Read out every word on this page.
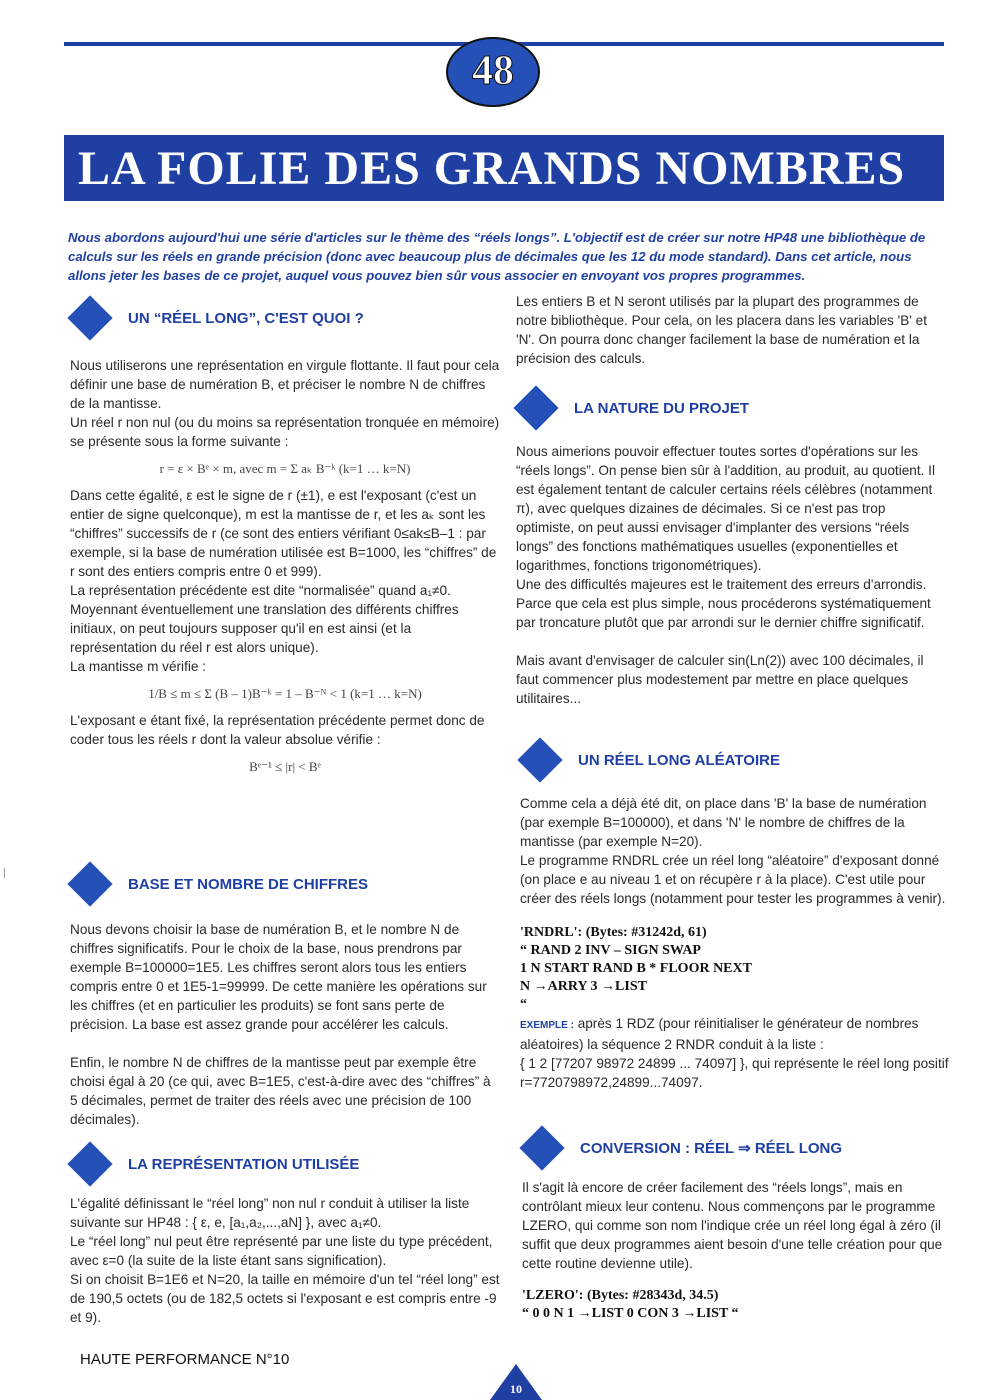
48
LA FOLIE DES GRANDS NOMBRES
Nous abordons aujourd'hui une série d'articles sur le thème des “réels longs”. L'objectif est de créer sur notre HP48 une bibliothèque de calculs sur les réels en grande précision (donc avec beaucoup plus de décimales que les 12 du mode standard). Dans cet article, nous allons jeter les bases de ce projet, auquel vous pouvez bien sûr vous associer en envoyant vos propres programmes.
UN “RÉEL LONG”, C'EST QUOI ?

Nous utiliserons une représentation en virgule flottante. Il faut pour cela définir une base de numération B, et préciser le nombre N de chiffres de la mantisse.

Un réel r non nul (ou du moins sa représentation tronquée en mémoire) se présente sous la forme suivante :

r = ε × Bᵉ × m, avec m = Σ aₖ B⁻ᵏ (k=1 … k=N)

Dans cette égalité, ε est le signe de r (±1), e est l'exposant (c'est un entier de signe quelconque), m est la mantisse de r, et les aₖ sont les “chiffres” successifs de r (ce sont des entiers vérifiant 0≤ak≤B–1 : par exemple, si la base de numération utilisée est B=1000, les “chiffres” de r sont des entiers compris entre 0 et 999).

La représentation précédente est dite “normalisée” quand a₁≠0. Moyennant éventuellement une translation des différents chiffres initiaux, on peut toujours supposer qu'il en est ainsi (et la représentation du réel r est alors unique).

La mantisse m vérifie :

1/B ≤ m ≤ Σ (B – 1)B⁻ᵏ = 1 – B⁻ᴺ < 1 (k=1 … k=N)

L'exposant e étant fixé, la représentation précédente permet donc de coder tous les réels r dont la valeur absolue vérifie :

Bᵉ⁻¹ ≤ |r| < Bᵉ
BASE ET NOMBRE DE CHIFFRES

Nous devons choisir la base de numération B, et le nombre N de chiffres significatifs. Pour le choix de la base, nous prendrons par exemple B=100000=1E5. Les chiffres seront alors tous les entiers compris entre 0 et 1E5-1=99999. De cette manière les opérations sur les chiffres (et en particulier les produits) se font sans perte de précision. La base est assez grande pour accélérer les calculs.

Enfin, le nombre N de chiffres de la mantisse peut par exemple être choisi égal à 20 (ce qui, avec B=1E5, c'est-à-dire avec des “chiffres” à 5 décimales, permet de traiter des réels avec une précision de 100 décimales).

LA REPRÉSENTATION UTILISÉE

L'égalité définissant le “réel long” non nul r conduit à utiliser la liste suivante sur HP48 : { ε, e, [a₁,a₂,...,aN] }, avec a₁≠0.

Le “réel long” nul peut être représenté par une liste du type précédent, avec ε=0 (la suite de la liste étant sans signification).

Si on choisit B=1E6 et N=20, la taille en mémoire d'un tel “réel long” est de 190,5 octets (ou de 182,5 octets si l'exposant e est compris entre -9 et 9).

Les entiers B et N seront utilisés par la plupart des programmes de notre bibliothèque. Pour cela, on les placera dans les variables 'B' et 'N'. On pourra donc changer facilement la base de numération et la précision des calculs.

LA NATURE DU PROJET

Nous aimerions pouvoir effectuer toutes sortes d'opérations sur les “réels longs”. On pense bien sûr à l'addition, au produit, au quotient. Il est également tentant de calculer certains réels célèbres (notamment π), avec quelques dizaines de décimales. Si ce n'est pas trop optimiste, on peut aussi envisager d'implanter des versions “réels longs” des fonctions mathématiques usuelles (exponentielles et logarithmes, fonctions trigonométriques).

Une des difficultés majeures est le traitement des erreurs d'arrondis. Parce que cela est plus simple, nous procéderons systématiquement par troncature plutôt que par arrondi sur le dernier chiffre significatif.

Mais avant d'envisager de calculer sin(Ln(2)) avec 100 décimales, il faut commencer plus modestement par mettre en place quelques utilitaires...

UN RÉEL LONG ALÉATOIRE

Comme cela a déjà été dit, on place dans 'B' la base de numération (par exemple B=100000), et dans 'N' le nombre de chiffres de la mantisse (par exemple N=20).

Le programme RNDRL crée un réel long “aléatoire” d'exposant donné (on place e au niveau 1 et on récupère r à la place). C'est utile pour créer des réels longs (notamment pour tester les programmes à venir).

'RNDRL': (Bytes: #31242d, 61)
“ RAND 2 INV – SIGN SWAP
1 N START RAND B * FLOOR NEXT
N →ARRY 3 →LIST
“

EXEMPLE : après 1 RDZ (pour réinitialiser le générateur de nombres aléatoires) la séquence 2 RNDR conduit à la liste :

{ 1 2 [77207 98972 24899 ... 74097] }, qui représente le réel long positif r=7720798972,24899...74097.

CONVERSION : RÉEL ⇒ RÉEL LONG

Il s'agit là encore de créer facilement des “réels longs”, mais en contrôlant mieux leur contenu. Nous commençons par le programme LZERO, qui comme son nom l'indique crée un réel long égal à zéro (il suffit que deux programmes aient besoin d'une telle création pour que cette routine devienne utile).

'LZERO': (Bytes: #28343d, 34.5)
“ 0 0 N 1 →LIST 0 CON 3 →LIST “
HAUTE PERFORMANCE N°10
10
